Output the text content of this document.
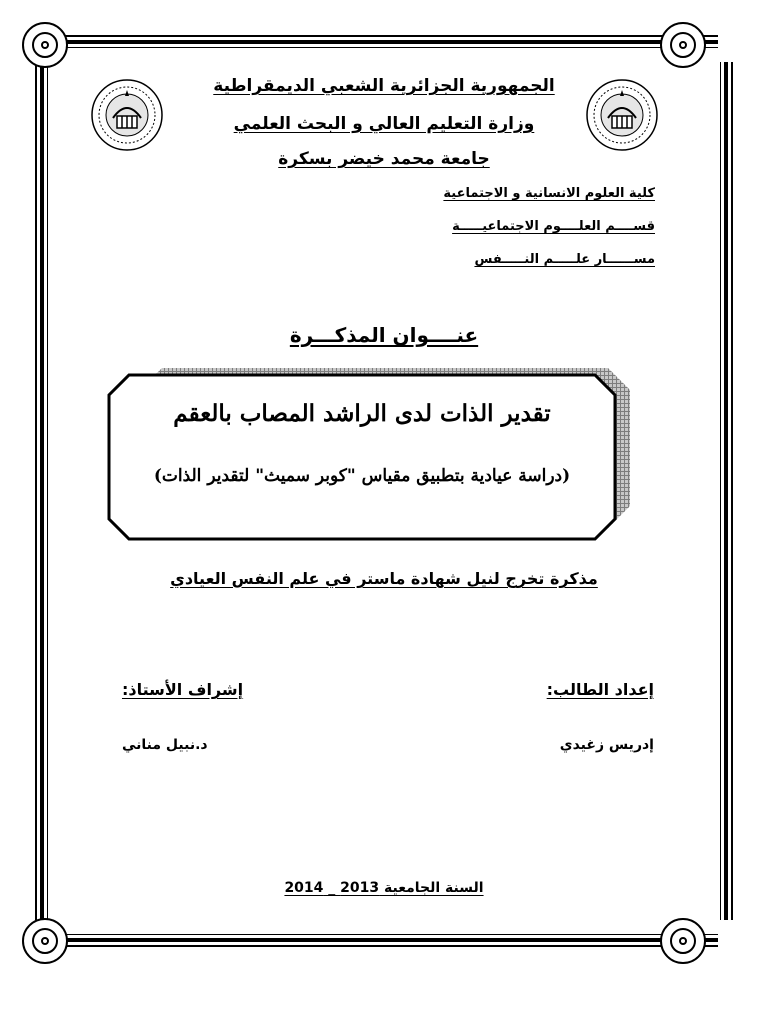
الجمهورية الجزائرية الشعبي الديمقراطية
وزارة التعليم العالي و البحث العلمي
جامعة محمد خيضر بسكرة
كلية العلوم الانسانية و الاجتماعية
قســــم العلــــوم الاجتماعيـــــة
مســــــار علـــــم النـــــفس
عنــــوان المذكـــرة
تقدير الذات لدى الراشد المصاب بالعقم
(دراسة عيادية بتطبيق مقياس "كوبر سميث" لتقدير الذات)
مذكرة تخرج لنيل شهادة ماستر في علم النفس العيادي
إعداد الطالب:
إشراف الأستاذ:
إدريس زغيدي
د.نبيل مناني
السنة الجامعية 2013 _ 2014
